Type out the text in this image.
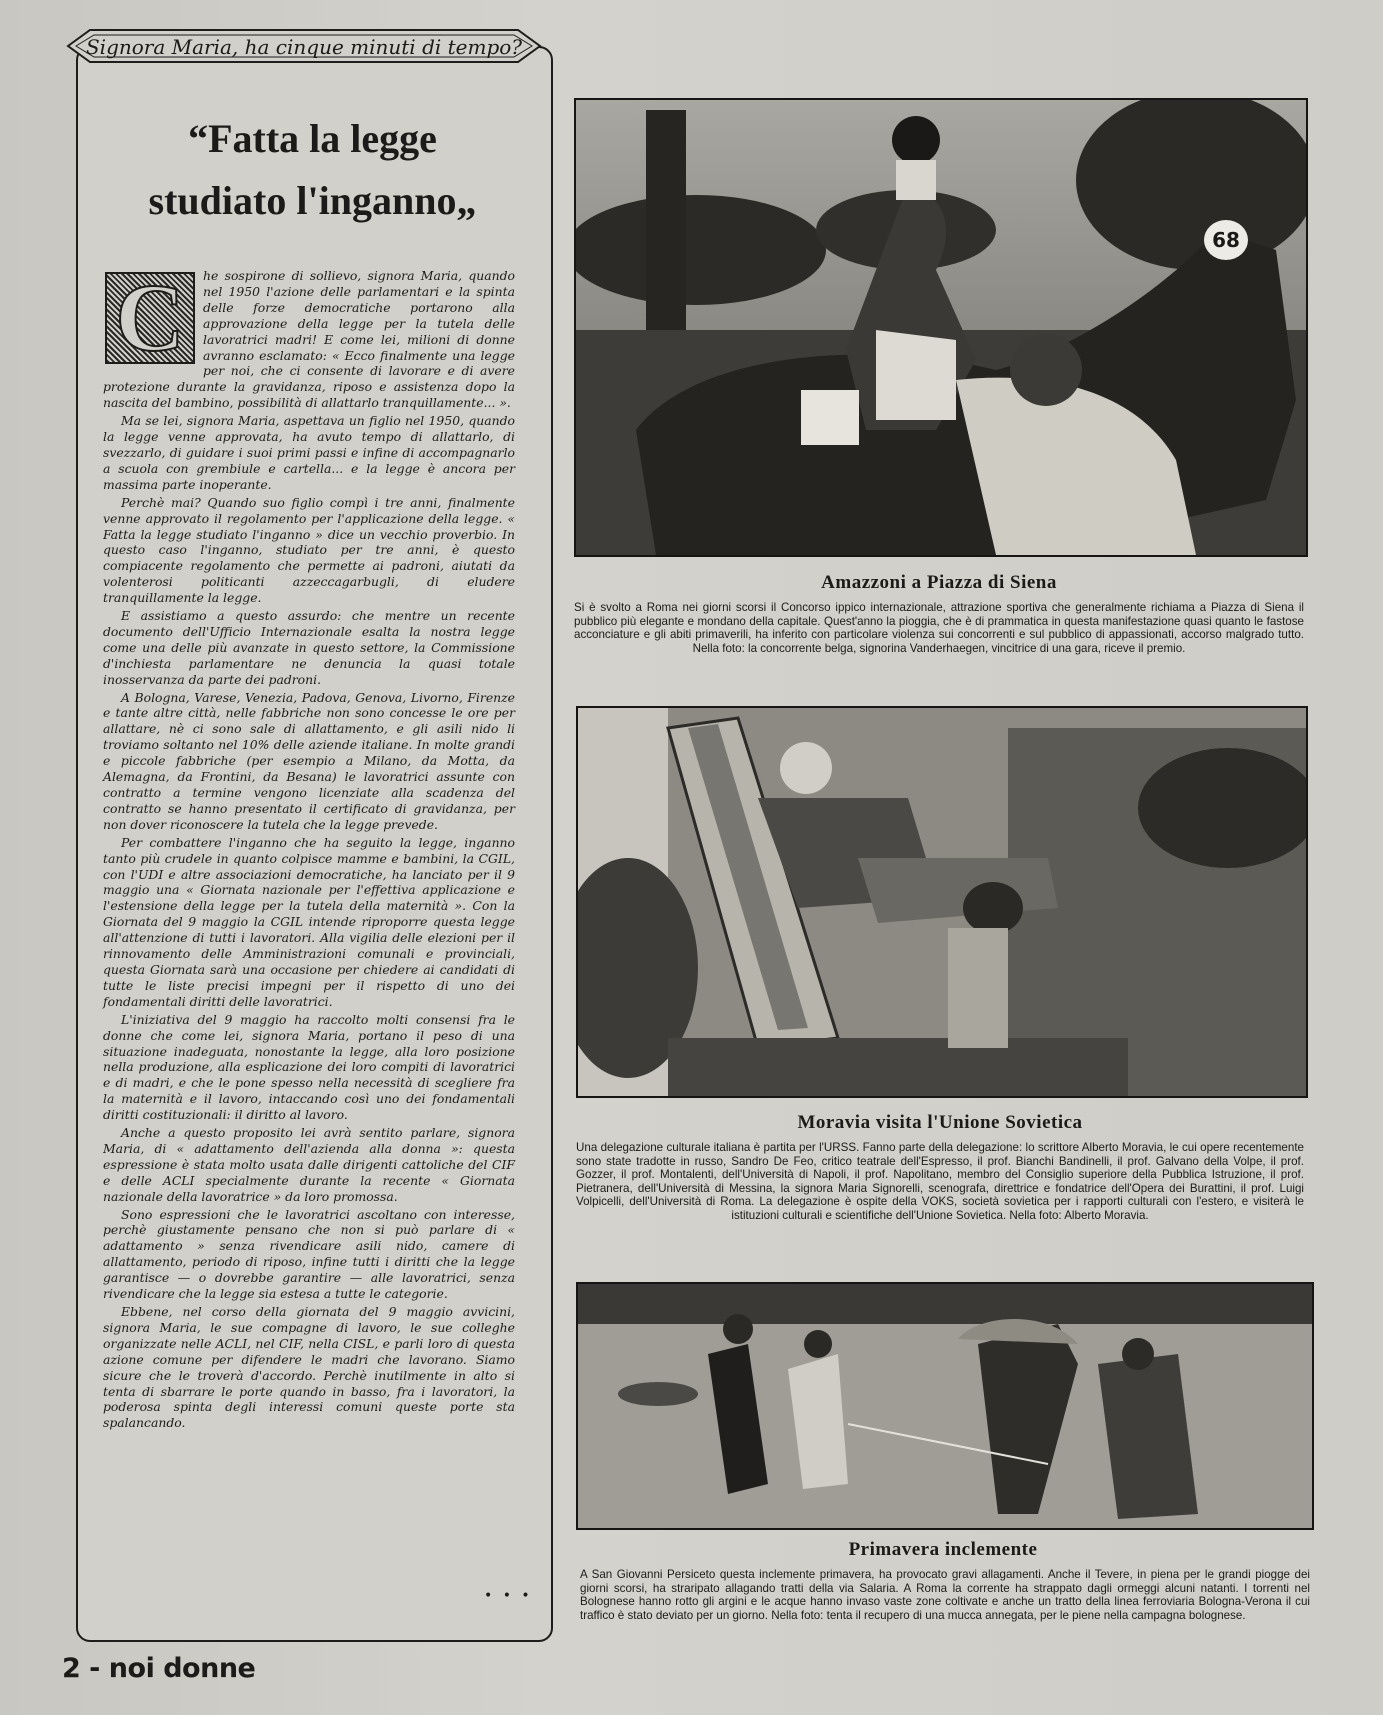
Signora Maria, ha cinque minuti di tempo?
“Fatta la legge
studiato l'inganno„
C	he sospirone di sollievo, signora Maria, quando nel 1950 l'azione delle parlamentari e la spinta delle forze democratiche portarono alla approvazione della legge per la tutela delle lavoratrici madri! E come lei, milioni di donne avranno esclamato: « Ecco finalmente una legge per noi, che ci consente di lavorare e di avere protezione durante la gravidanza, riposo e assistenza dopo la nascita del bambino, possibilità di allattarlo tranquillamente... ».

Ma se lei, signora Maria, aspettava un figlio nel 1950, quando la legge venne approvata, ha avuto tempo di allattarlo, di svezzarlo, di guidare i suoi primi passi e infine di accompagnarlo a scuola con grembiule e cartella... e la legge è ancora per massima parte inoperante.

Perchè mai? Quando suo figlio compì i tre anni, finalmente venne approvato il regolamento per l'applicazione della legge. « Fatta la legge studiato l'inganno » dice un vecchio proverbio. In questo caso l'inganno, studiato per tre anni, è questo compiacente regolamento che permette ai padroni, aiutati da volenterosi politicanti azzeccagarbugli, di eludere tranquillamente la legge.

E assistiamo a questo assurdo: che mentre un recente documento dell'Ufficio Internazionale esalta la nostra legge come una delle più avanzate in questo settore, la Commissione d'inchiesta parlamentare ne denuncia la quasi totale inosservanza da parte dei padroni.

A Bologna, Varese, Venezia, Padova, Genova, Livorno, Firenze e tante altre città, nelle fabbriche non sono concesse le ore per allattare, nè ci sono sale di allattamento, e gli asili nido li troviamo soltanto nel 10% delle aziende italiane. In molte grandi e piccole fabbriche (per esempio a Milano, da Motta, da Alemagna, da Frontini, da Besana) le lavoratrici assunte con contratto a termine vengono licenziate alla scadenza del contratto se hanno presentato il certificato di gravidanza, per non dover riconoscere la tutela che la legge prevede.

Per combattere l'inganno che ha seguito la legge, inganno tanto più crudele in quanto colpisce mamme e bambini, la CGIL, con l'UDI e altre associazioni democratiche, ha lanciato per il 9 maggio una « Giornata nazionale per l'effettiva applicazione e l'estensione della legge per la tutela della maternità ». Con la Giornata del 9 maggio la CGIL intende riproporre questa legge all'attenzione di tutti i lavoratori. Alla vigilia delle elezioni per il rinnovamento delle Amministrazioni comunali e provinciali, questa Giornata sarà una occasione per chiedere ai candidati di tutte le liste precisi impegni per il rispetto di uno dei fondamentali diritti delle lavoratrici.

L'iniziativa del 9 maggio ha raccolto molti consensi fra le donne che come lei, signora Maria, portano il peso di una situazione inadeguata, nonostante la legge, alla loro posizione nella produzione, alla esplicazione dei loro compiti di lavoratrici e di madri, e che le pone spesso nella necessità di scegliere fra la maternità e il lavoro, intaccando così uno dei fondamentali diritti costituzionali: il diritto al lavoro.

Anche a questo proposito lei avrà sentito parlare, signora Maria, di « adattamento dell'azienda alla donna »: questa espressione è stata molto usata dalle dirigenti cattoliche del CIF e delle ACLI specialmente durante la recente « Giornata nazionale della lavoratrice » da loro promossa.

Sono espressioni che le lavoratrici ascoltano con interesse, perchè giustamente pensano che non si può parlare di « adattamento » senza rivendicare asili nido, camere di allattamento, periodo di riposo, infine tutti i diritti che la legge garantisce — o dovrebbe garantire — alle lavoratrici, senza rivendicare che la legge sia estesa a tutte le categorie.

Ebbene, nel corso della giornata del 9 maggio avvicini, signora Maria, le sue compagne di lavoro, le sue colleghe organizzate nelle ACLI, nel CIF, nella CISL, e parli loro di questa azione comune per difendere le madri che lavorano. Siamo sicure che le troverà d'accordo. Perchè inutilmente in alto si tenta di sbarrare le porte quando in basso, fra i lavoratori, la poderosa spinta degli interessi comuni queste porte sta spalancando.

• • •
2 - noi donne
68
Amazzoni a Piazza di Siena

Si è svolto a Roma nei giorni scorsi il Concorso ippico internazionale, attrazione sportiva che generalmente richiama a Piazza di Siena il pubblico più elegante e mondano della capitale. Quest'anno la pioggia, che è di prammatica in questa manifestazione quasi quanto le fastose acconciature e gli abiti primaverili, ha inferito con particolare violenza sui concorrenti e sul pubblico di appassionati, accorso malgrado tutto. Nella foto: la concorrente belga, signorina Vanderhaegen, vincitrice di una gara, riceve il premio.

Moravia visita l'Unione Sovietica

Una delegazione culturale italiana è partita per l'URSS. Fanno parte della delegazione: lo scrittore Alberto Moravia, le cui opere recentemente sono state tradotte in russo, Sandro De Feo, critico teatrale dell'Espresso, il prof. Bianchi Bandinelli, il prof. Galvano della Volpe, il prof. Gozzer, il prof. Montalenti, dell'Università di Napoli, il prof. Napolitano, membro del Consiglio superiore della Pubblica Istruzione, il prof. Pietranera, dell'Università di Messina, la signora Maria Signorelli, scenografa, direttrice e fondatrice dell'Opera dei Burattini, il prof. Luigi Volpicelli, dell'Università di Roma. La delegazione è ospite della VOKS, società sovietica per i rapporti culturali con l'estero, e visiterà le istituzioni culturali e scientifiche dell'Unione Sovietica. Nella foto: Alberto Moravia.

Primavera inclemente

A San Giovanni Persiceto questa inclemente primavera, ha provocato gravi allagamenti. Anche il Tevere, in piena per le grandi piogge dei giorni scorsi, ha straripato allagando tratti della via Salaria. A Roma la corrente ha strappato dagli ormeggi alcuni natanti. I torrenti nel Bolognese hanno rotto gli argini e le acque hanno invaso vaste zone coltivate e anche un tratto della linea ferroviaria Bologna-Verona il cui traffico è stato deviato per un giorno. Nella foto: tenta il recupero di una mucca annegata, per le piene nella campagna bolognese.
